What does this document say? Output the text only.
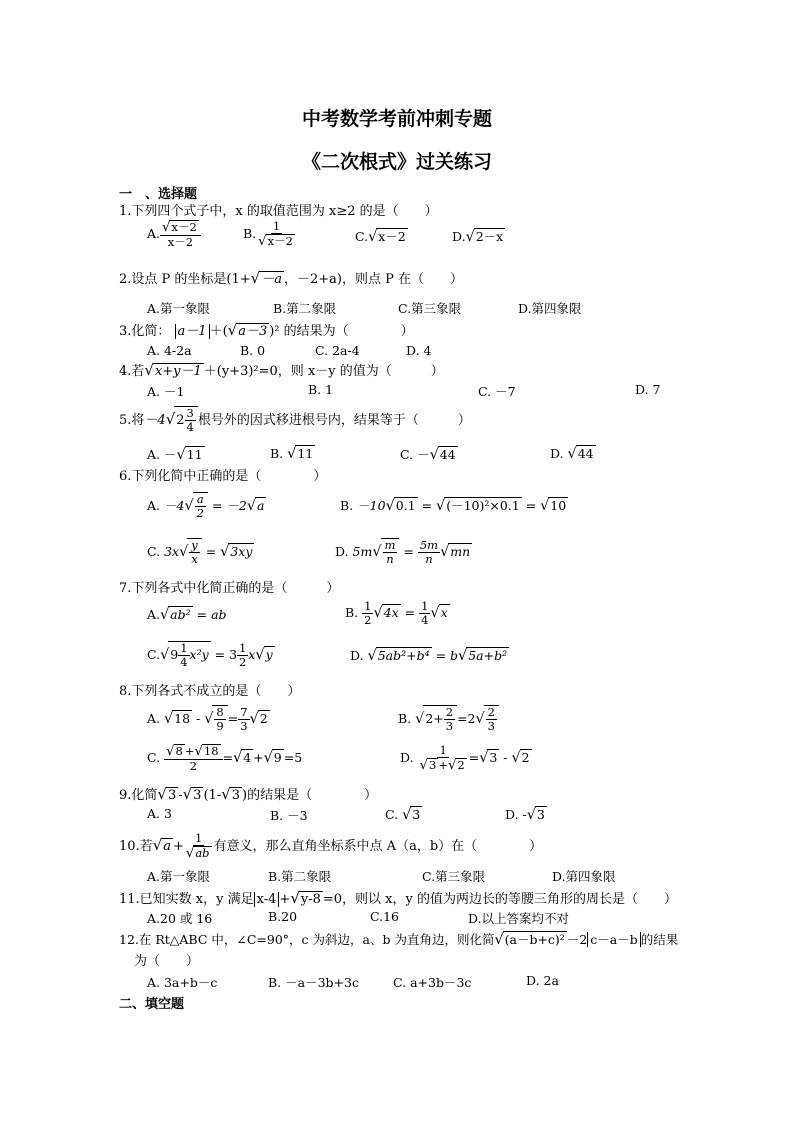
中考数学考前冲刺专题
《二次根式》过关练习
一　、选择题
1.下列四个式子中，x 的取值范围为 x≥2 的是（　　）
A. $\frac{√x-2}{x-2}$	B. $\frac{1}{√x-2}$	C.√x－2	D.√2－x
2.设点 P 的坐标是(1+√－a ，－2+a)，则点 P 在（　　）
A.第一象限	B.第二象限	C.第三象限	D.第四象限
3.化简： a－1 ＋(√a－3 )² 的结果为（　　　　）
A. 4-2a	B. 0	C. 2a-4	D. 4
4.若√x+y－1 ＋(y+3)²=0，则 x－y 的值为（　　　）
A. －1	B. 1	C. －7	D. 7
5.将$-4√2 \frac{3}{4}$ 根号外的因式移进根号内，结果等于（　　　）
A. －√11	B. √11	C. －√44	D. √44
6.下列化简中正确的是（　　　　）
A. $-4√ \frac{a}{2} = -2√a$	B. －10√0.1 = √(－10)²×0.1 = √10
C. $3x√ \frac{y}{x} = √3xy$	D. $5m√ \frac{m}{n} = \frac{5m}{n} √mn$
7.下列各式中化简正确的是（　　　）
A.√ab² = ab	B. $\frac{1}{2} √4x = \frac{1}{4} √x$
$C.√9 \frac{1}{4} x^2y = 3 \frac{1}{2} x√y$	D. √5ab²+b⁴ = b√5a+b²
8.下列各式不成立的是（　　）
A. √18 - √ $\frac{8}{9} = \frac{7}{3} √2$	B. $√2+ \frac{2}{3} =2√ \frac{2}{3}$
C. $\frac{√8 +√18}{2} =√4 +√9 =5$	D. $\frac{1}{√3 +√2} =√3 - √2$
9.化简√3 -√3 (1-√3 )的结果是（　　　　）
A. 3	B. －3	C. √3	D. -√3
10.若$√a + \frac{1}{√ab}$ 有意义，那么直角坐标系中点 A（a，b）在（　　　　）
A.第一象限	B.第二象限	C.第三象限	D.第四象限
11.已知实数 x，y 满足 x-4 +√y-8 =0，则以 x，y 的值为两边长的等腰三角形的周长是（　　）
A.20 或 16	B.20	C.16	D.以上答案均不对
12.在 Rt△ABC 中，∠C=90°，c 为斜边，a、b 为直角边，则化简√(a－b+c)² －2 c－a－b 的结果
为（　　）
A. 3a+b－c	B. －a－3b+3c	C. a+3b－3c	D. 2a
二、填空题
